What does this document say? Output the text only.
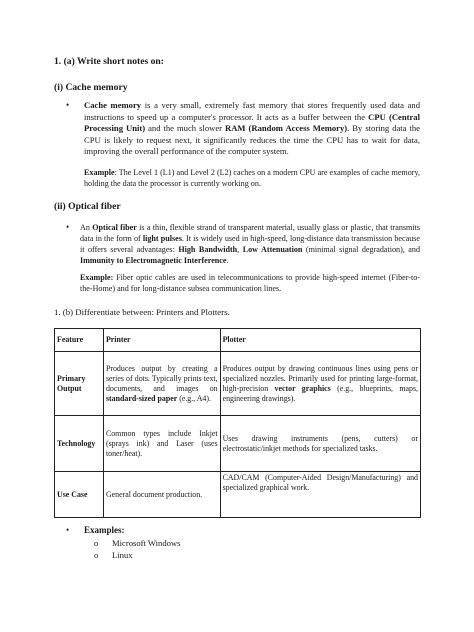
1. (a) Write short notes on:
(i) Cache memory
• Cache memory is a very small, extremely fast memory that stores frequently used data and instructions to speed up a computer's processor. It acts as a buffer between the CPU (Central Processing Unit) and the much slower RAM (Random Access Memory). By storing data the CPU is likely to request next, it significantly reduces the time the CPU has to wait for data, improving the overall performance of the computer system.
Example: The Level 1 (L1) and Level 2 (L2) caches on a modern CPU are examples of cache memory, holding the data the processor is currently working on.
(ii) Optical fiber
• An Optical fiber is a thin, flexible strand of transparent material, usually glass or plastic, that transmits data in the form of light pulses. It is widely used in high-speed, long-distance data transmission because it offers several advantages: High Bandwidth, Low Attenuation (minimal signal degradation), and Immunity to Electromagnetic Interference.
Example: Fiber optic cables are used in telecommunications to provide high-speed internet (Fiber-to-the-Home) and for long-distance subsea communication lines.
1. (b) Differentiate between: Printers and Plotters.
Feature	Printer	Plotter
Primary Output	Produces output by creating a series of dots. Typically prints text, documents, and images on standard-sized paper (e.g., A4).	Produces output by drawing continuous lines using pens or specialized nozzles. Primarily used for printing large-format, high-precision vector graphics (e.g., blueprints, maps, engineering drawings).
Technology	Common types include Inkjet (sprays ink) and Laser (uses toner/heat).	Uses drawing instruments (pens, cutters) or electrostatic/inkjet methods for specialized tasks.
Use Case	General document production.	CAD/CAM (Computer-Aided Design/Manufacturing) and specialized graphical work.
• Examples:
o Microsoft Windows
o Linux
